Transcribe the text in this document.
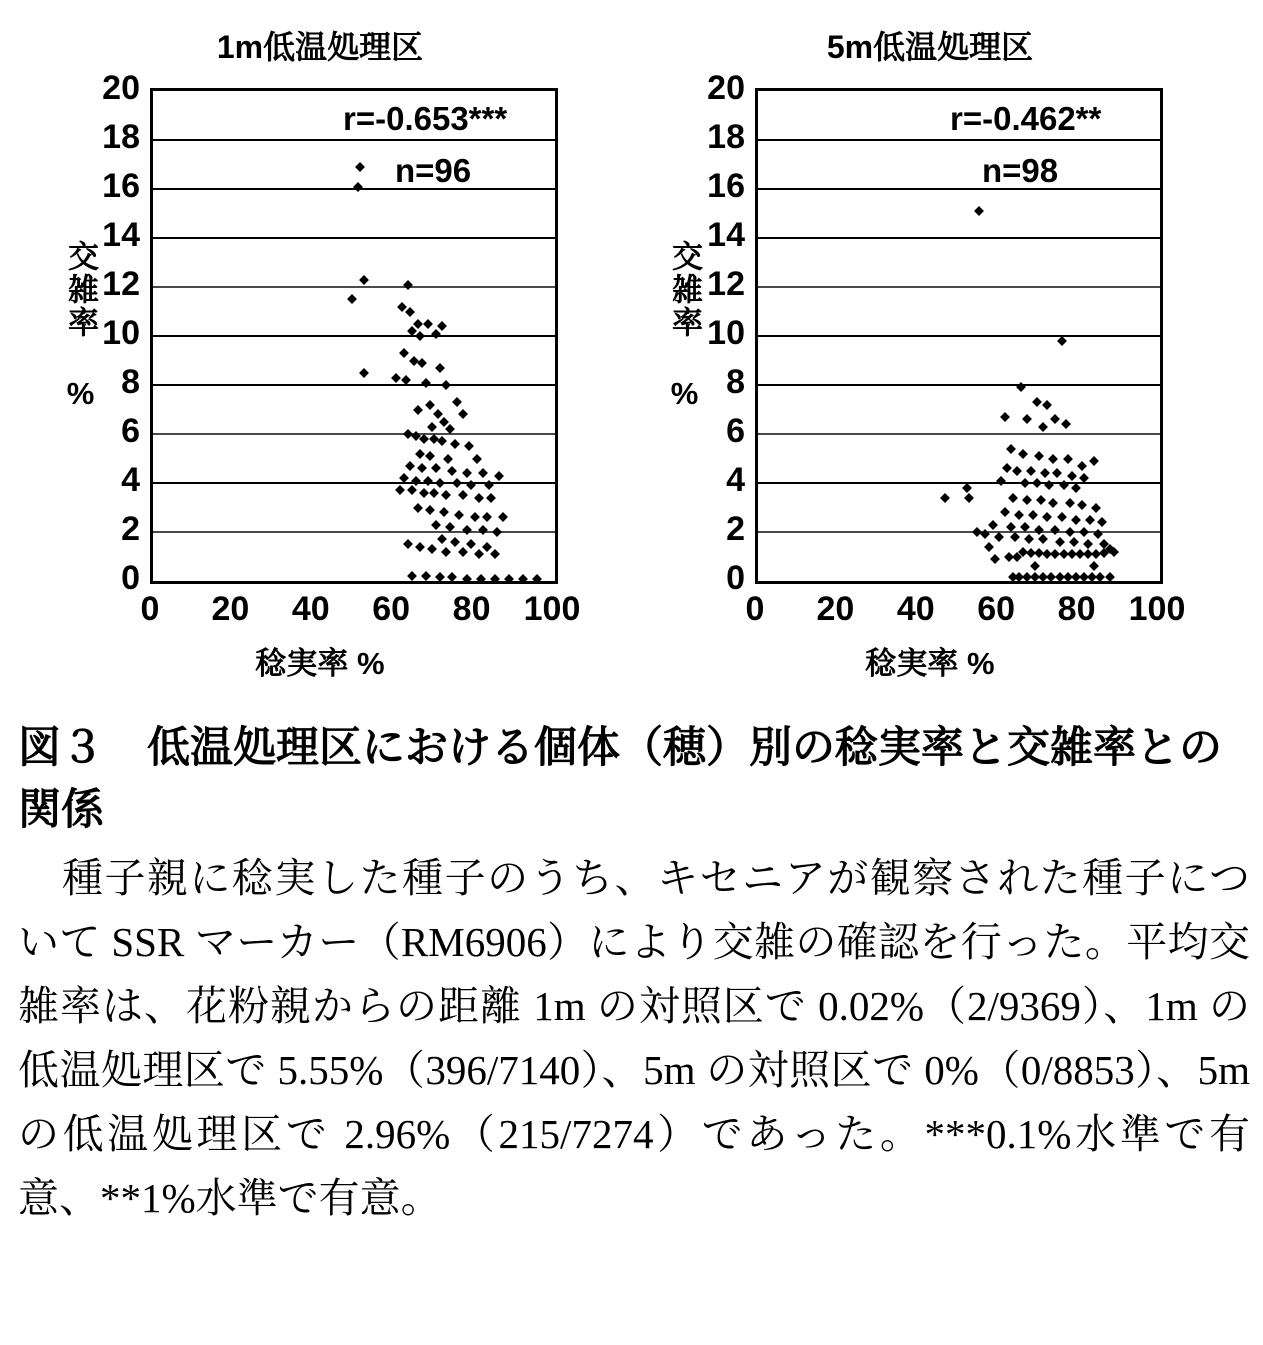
1m低温処理区
交雑率 %
0
2
4
6
8
10
12
14
16
18
20
0	20	40	60	80 100
r=-0.653***
n=96
稔実率 %
5m低温処理区
交雑率 %
0
2
4
6
8
10
12
14
16
18
20
0	20	40	60	80 100
r=-0.462**
n=98
稔実率 %
図３　低温処理区における個体（穂）別の稔実率と交雑率との関係

種子親に稔実した種子のうち、キセニアが観察された種子について SSR マーカー（RM6906）により交雑の確認を行った。平均交雑率は、花粉親からの距離 1m の対照区で 0.02%（2/9369）、1m の低温処理区で 5.55%（396/7140）、5m の対照区で 0%（0/8853）、5m の低温処理区で 2.96%（215/7274）であった。***0.1%水準で有意、**1%水準で有意。
